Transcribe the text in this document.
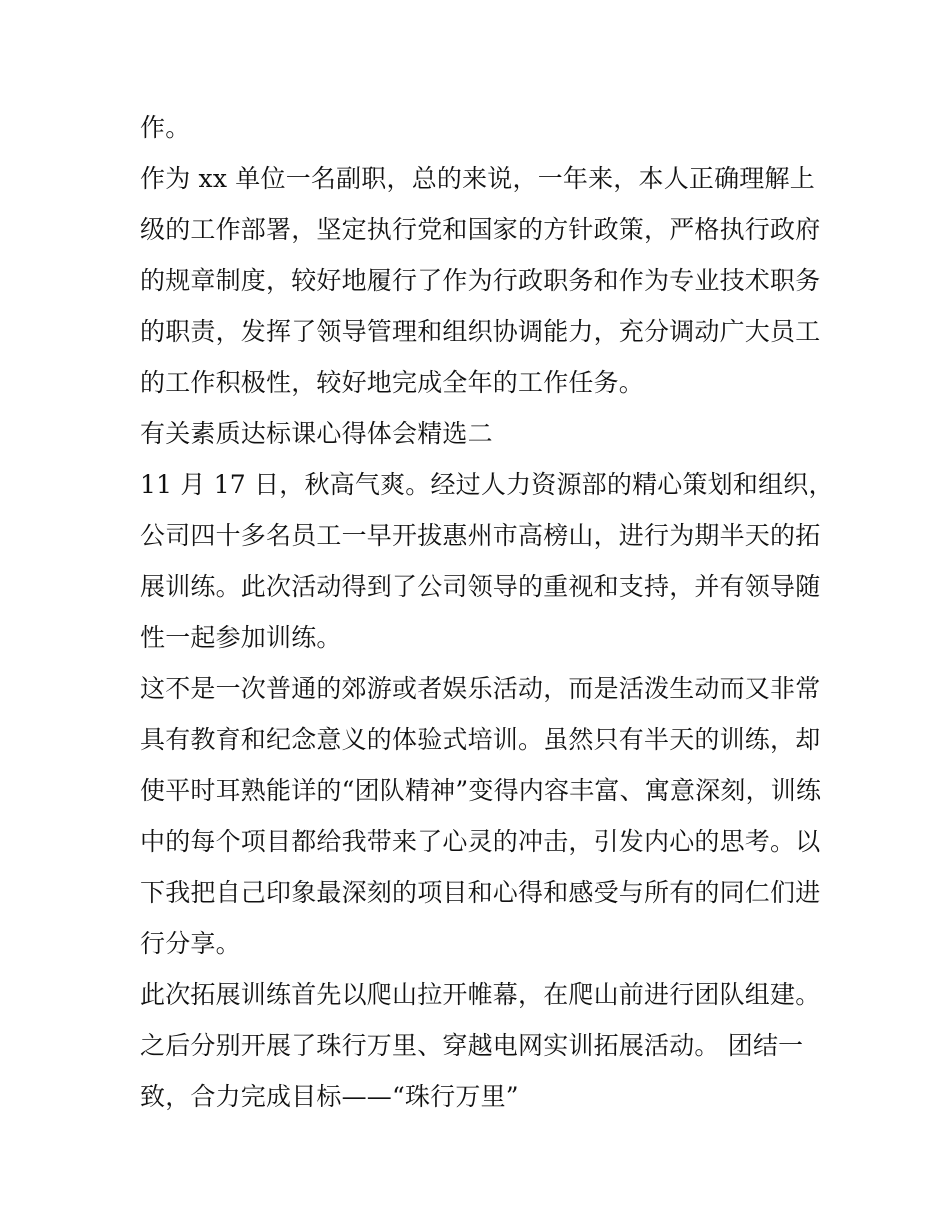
作。
作为 xx 单位一名副职，总的来说，一年来，本人正确理解上
级的工作部署，坚定执行党和国家的方针政策，严格执行政府
的规章制度，较好地履行了作为行政职务和作为专业技术职务
的职责，发挥了领导管理和组织协调能力，充分调动广大员工
的工作积极性，较好地完成全年的工作任务。
有关素质达标课心得体会精选二
11 月 17 日，秋高气爽。经过人力资源部的精心策划和组织，
公司四十多名员工一早开拔惠州市高榜山，进行为期半天的拓
展训练。此次活动得到了公司领导的重视和支持，并有领导随
性一起参加训练。
这不是一次普通的郊游或者娱乐活动，而是活泼生动而又非常
具有教育和纪念意义的体验式培训。虽然只有半天的训练，却
使平时耳熟能详的“团队精神”变得内容丰富、寓意深刻，训练
中的每个项目都给我带来了心灵的冲击，引发内心的思考。以
下我把自己印象最深刻的项目和心得和感受与所有的同仁们进
行分享。
此次拓展训练首先以爬山拉开帷幕，在爬山前进行团队组建。
之后分别开展了珠行万里、穿越电网实训拓展活动。 团结一
致，合力完成目标——“珠行万里”
